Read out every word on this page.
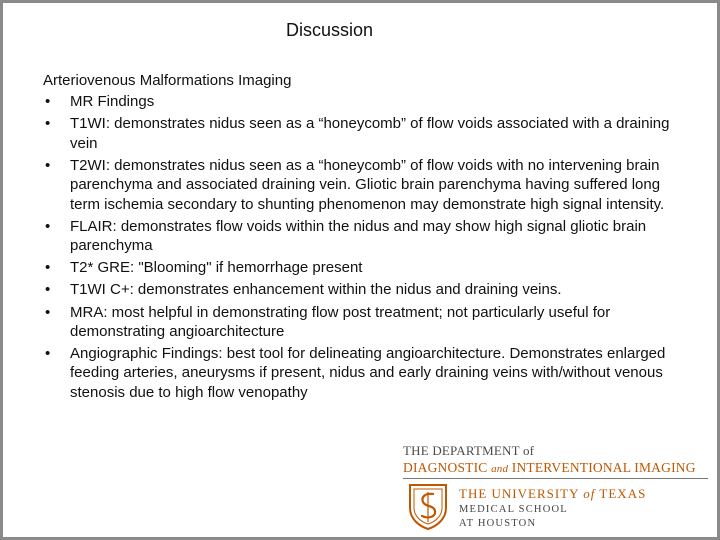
Discussion
Arteriovenous Malformations Imaging
• MR Findings
• T1WI: demonstrates nidus seen as a “honeycomb” of flow voids associated with a draining vein
• T2WI: demonstrates nidus seen as a “honeycomb” of flow voids with no intervening brain parenchyma and associated draining vein. Gliotic brain parenchyma having suffered long term ischemia secondary to shunting phenomenon may demonstrate high signal intensity.
• FLAIR: demonstrates flow voids within the nidus and may show high signal gliotic brain parenchyma
• T2* GRE: "Blooming" if hemorrhage present
• T1WI C+: demonstrates enhancement within the nidus and draining veins.
• MRA: most helpful in demonstrating flow post treatment; not particularly useful for demonstrating angioarchitecture
• Angiographic Findings: best tool for delineating angioarchitecture. Demonstrates enlarged feeding arteries, aneurysms if present, nidus and early draining veins with/without venous stenosis due to high flow venopathy
THE DEPARTMENT of
DIAGNOSTIC and INTERVENTIONAL IMAGING
THE UNIVERSITY of TEXAS
MEDICAL SCHOOL
AT HOUSTON
